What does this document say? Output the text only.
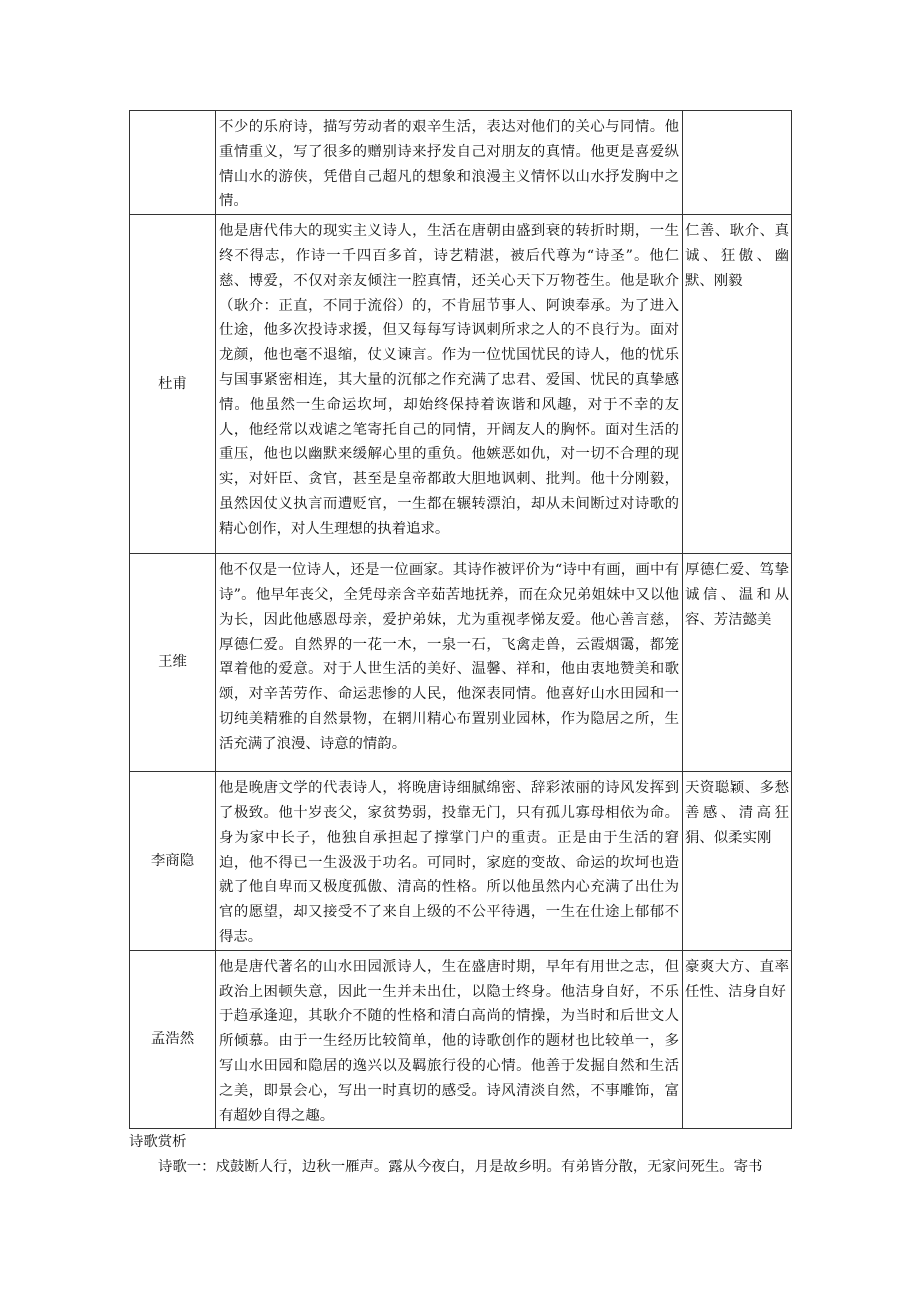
	不少的乐府诗，描写劳动者的艰辛生活，表达对他们的关心与同情。他重情重义，写了很多的赠别诗来抒发自己对朋友的真情。他更是喜爱纵情山水的游侠，凭借自己超凡的想象和浪漫主义情怀以山水抒发胸中之情。	
杜甫	他是唐代伟大的现实主义诗人，生活在唐朝由盛到衰的转折时期，一生终不得志，作诗一千四百多首，诗艺精湛，被后代尊为“诗圣”。他仁慈、博爱，不仅对亲友倾注一腔真情，还关心天下万物苍生。他是耿介（耿介：正直，不同于流俗）的，不肯屈节事人、阿谀奉承。为了进入仕途，他多次投诗求援，但又每每写诗讽刺所求之人的不良行为。面对龙颜，他也毫不退缩，仗义谏言。作为一位忧国忧民的诗人，他的忧乐与国事紧密相连，其大量的沉郁之作充满了忠君、爱国、忧民的真挚感情。他虽然一生命运坎坷，却始终保持着诙谐和风趣，对于不幸的友人，他经常以戏谑之笔寄托自己的同情，开阔友人的胸怀。面对生活的重压，他也以幽默来缓解心里的重负。他嫉恶如仇，对一切不合理的现实，对奸臣、贪官，甚至是皇帝都敢大胆地讽刺、批判。他十分刚毅，虽然因仗义执言而遭贬官，一生都在辗转漂泊，却从未间断过对诗歌的精心创作，对人生理想的执着追求。	仁善、耿介、真诚、狂傲、幽默、刚毅
王维	他不仅是一位诗人，还是一位画家。其诗作被评价为“诗中有画，画中有诗”。他早年丧父，全凭母亲含辛茹苦地抚养，而在众兄弟姐妹中又以他为长，因此他感恩母亲，爱护弟妹，尤为重视孝悌友爱。他心善言慈，厚德仁爱。自然界的一花一木，一泉一石，飞禽走兽，云霞烟霭，都笼罩着他的爱意。对于人世生活的美好、温馨、祥和，他由衷地赞美和歌颂，对辛苦劳作、命运悲惨的人民，他深表同情。他喜好山水田园和一切纯美精雅的自然景物，在辋川精心布置别业园林，作为隐居之所，生活充满了浪漫、诗意的情韵。	厚德仁爱、笃挚诚信、温和从容、芳洁懿美
李商隐	他是晚唐文学的代表诗人，将晚唐诗细腻绵密、辞彩浓丽的诗风发挥到了极致。他十岁丧父，家贫势弱，投靠无门，只有孤儿寡母相依为命。身为家中长子，他独自承担起了撑掌门户的重责。正是由于生活的窘迫，他不得已一生汲汲于功名。可同时，家庭的变故、命运的坎坷也造就了他自卑而又极度孤傲、清高的性格。所以他虽然内心充满了出仕为官的愿望，却又接受不了来自上级的不公平待遇，一生在仕途上郁郁不得志。	天资聪颖、多愁善感、清高狂狷、似柔实刚
孟浩然	他是唐代著名的山水田园派诗人，生在盛唐时期，早年有用世之志，但政治上困顿失意，因此一生并未出仕，以隐士终身。他洁身自好，不乐于趋承逢迎，其耿介不随的性格和清白高尚的情操，为当时和后世文人所倾慕。由于一生经历比较简单，他的诗歌创作的题材也比较单一，多写山水田园和隐居的逸兴以及羁旅行役的心情。他善于发掘自然和生活之美，即景会心，写出一时真切的感受。诗风清淡自然，不事雕饰，富有超妙自得之趣。	豪爽大方、直率任性、洁身自好
诗歌赏析
诗歌一：戍鼓断人行，边秋一雁声。露从今夜白，月是故乡明。有弟皆分散，无家问死生。寄书
